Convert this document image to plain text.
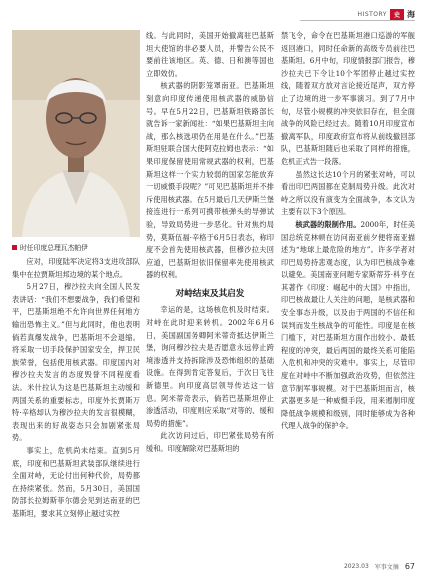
HISTORY	史 海
时任印度总理瓦杰帕伊

应对，印度陆军决定将3支进攻部队集中在拉贾斯坦邦边境的某个地点。

5月27日，穆沙拉夫向全国人民发表讲话：“我们不想要战争，我们希望和平，巴基斯坦绝不允许向世界任何地方输出恐怖主义。”但与此同时，他也表明倘若真爆发战争，巴基斯坦不会退缩。将采取一切手段保护国家安全，捍卫民族荣誉，包括使用核武器。印度国内对穆沙拉夫发言的态度毁誉不同程度看法。米什拉认为这是巴基斯坦主动缓和两国关系的重要标志，印度外长贾斯万特·辛格却认为穆沙拉夫的发言很模糊，表现出来的好战姿态只会加剧紧张局势。

事实上，危机尚未结束。直到5月底，印度和巴基斯坦武装部队继续进行全面对峙，无论付出何种代价，局势都在持续紧张。然而，5月30日，美国国防部长拉姆斯菲尔德会见到达南亚的巴基斯坦，要求其立刻停止越过实控

线。与此同时，美国开始撤离驻巴基斯坦大使馆的非必要人员，并警告公民不要前往该地区。英、德、日和澳等国也立即效仿。

核武器的阴影笼罩南亚。巴基斯坦刻意向印度传递使用核武器的威胁信号。早在5月22日，巴基斯坦铁路部长就告诉一家新闻社：“如果巴基斯坦主向战，那么核选项仍在用是在什么。”巴基斯坦驻联合国大使阿克拉姆也表示：“如果印度保留使用常规武器的权利，巴基斯坦这样一个实力较弱的国家怎能放弃一切威慑手段呢？”可见巴基斯坦并不排斥使用核武器。在5月最后几天伊斯兰堡接连进行一系列可携带核弹头的导弹试验，导致局势进一步恶化。针对焦灼局势，莫斯伍福·辛格于6月5日表态，称印度不会首先使用核武器，但穆沙拉夫回应道，巴基斯坦依旧保留率先使用核武器的权利。

对峙结束及其启发

幸运的是，这场核危机及时结束。对峙在此时迎来转机。2002年6月6日，美国副国务卿阿米蒂奇抵达伊斯兰堡，询问穆沙拉夫是否愿意永远停止跨境渗透并支持拆除涉及恐怖组织的基础设施。在得到肯定答复后，于次日飞往新德里。向印度高层领导传达这一信息。阿米蒂奇表示，倘若巴基斯坦停止渗透活动，印度则应采取“对等的、缓和局势的措施”。

此次访问过后，印巴紧张局势有所缓和。印度解除对巴基斯坦的

禁飞令，命令在巴基斯坦港口巡游的军舰返回港口，同时任命新的高级专员前往巴基斯坦。6月中旬，印度情报部门报告，穆沙拉夫已下令让10个军团停止越过实控线，随着双方放对言论接近尾声，双方停止了边境的进一步军事演习。到了7月中旬，尽管小规模的冲突依旧存在，但全面战争的风险已经过去。随着10月印度宣布撤离军队，印度政府宣布将从前线撤回部队，巴基斯坦随后也采取了同样的措施，危机正式告一段落。

虽然这长达10个月的紧张对峙，可以看出印巴两国都在克制局势升级。此次对峙之所以没有演变为全面战争，本文认为主要有以下3个原因。

核武器的限制作用。2000年，时任美国总统克林顿在访问南亚前夕便将南亚描述为“地球上最危险的地方”。许多学者对印巴局势持悲观态度，认为印巴核战争难以避免。美国南亚问题专家斯蒂芬·科亨在其著作《印度：崛起中的大国》中指出，印巴核战最让人关注的问题，是核武器和安全事态升级，以及由于两国的不信任和误判而发生核战争的可能性。印度是在核门槛下，对巴基斯坦方面作出较小、最低程度的冲突，最后两国的最终关系可能陷入危机和冲突的灾难中。事实上，尽管印度在对峙中不断加强政治攻势，但依然注意节制军事规模。对于巴基斯坦而言，核武器更多是一种威慑手段，用来遏制印度降低战争规模和级别，同时能够成为各种代理人战争的保护伞。

2023.03 军事文摘 67
